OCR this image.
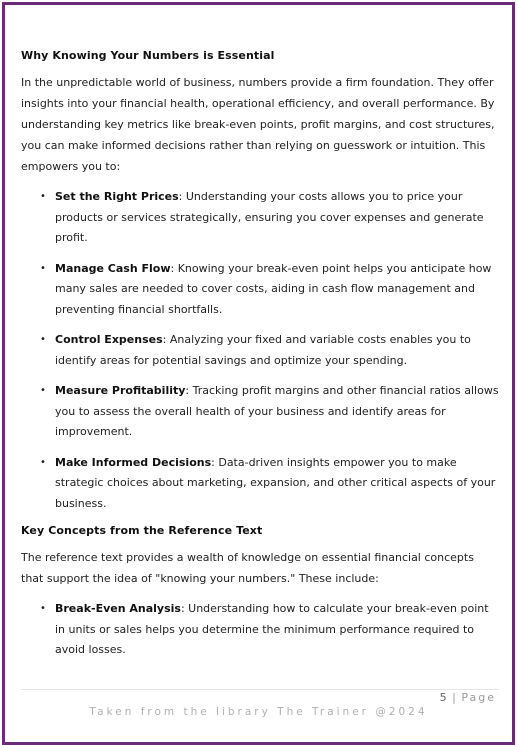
Why Knowing Your Numbers is Essential

In the unpredictable world of business, numbers provide a firm foundation. They offer insights into your financial health, operational efficiency, and overall performance. By understanding key metrics like break-even points, profit margins, and cost structures, you can make informed decisions rather than relying on guesswork or intuition. This empowers you to:

• Set the Right Prices: Understanding your costs allows you to price your products or services strategically, ensuring you cover expenses and generate profit.
• Manage Cash Flow: Knowing your break-even point helps you anticipate how many sales are needed to cover costs, aiding in cash flow management and preventing financial shortfalls.
• Control Expenses: Analyzing your fixed and variable costs enables you to identify areas for potential savings and optimize your spending.
• Measure Profitability: Tracking profit margins and other financial ratios allows you to assess the overall health of your business and identify areas for improvement.
• Make Informed Decisions: Data-driven insights empower you to make strategic choices about marketing, expansion, and other critical aspects of your business.
Key Concepts from the Reference Text

The reference text provides a wealth of knowledge on essential financial concepts that support the idea of "knowing your numbers." These include:

• Break-Even Analysis: Understanding how to calculate your break-even point in units or sales helps you determine the minimum performance required to avoid losses.
5 | Page
Taken from the library The Trainer @2024
